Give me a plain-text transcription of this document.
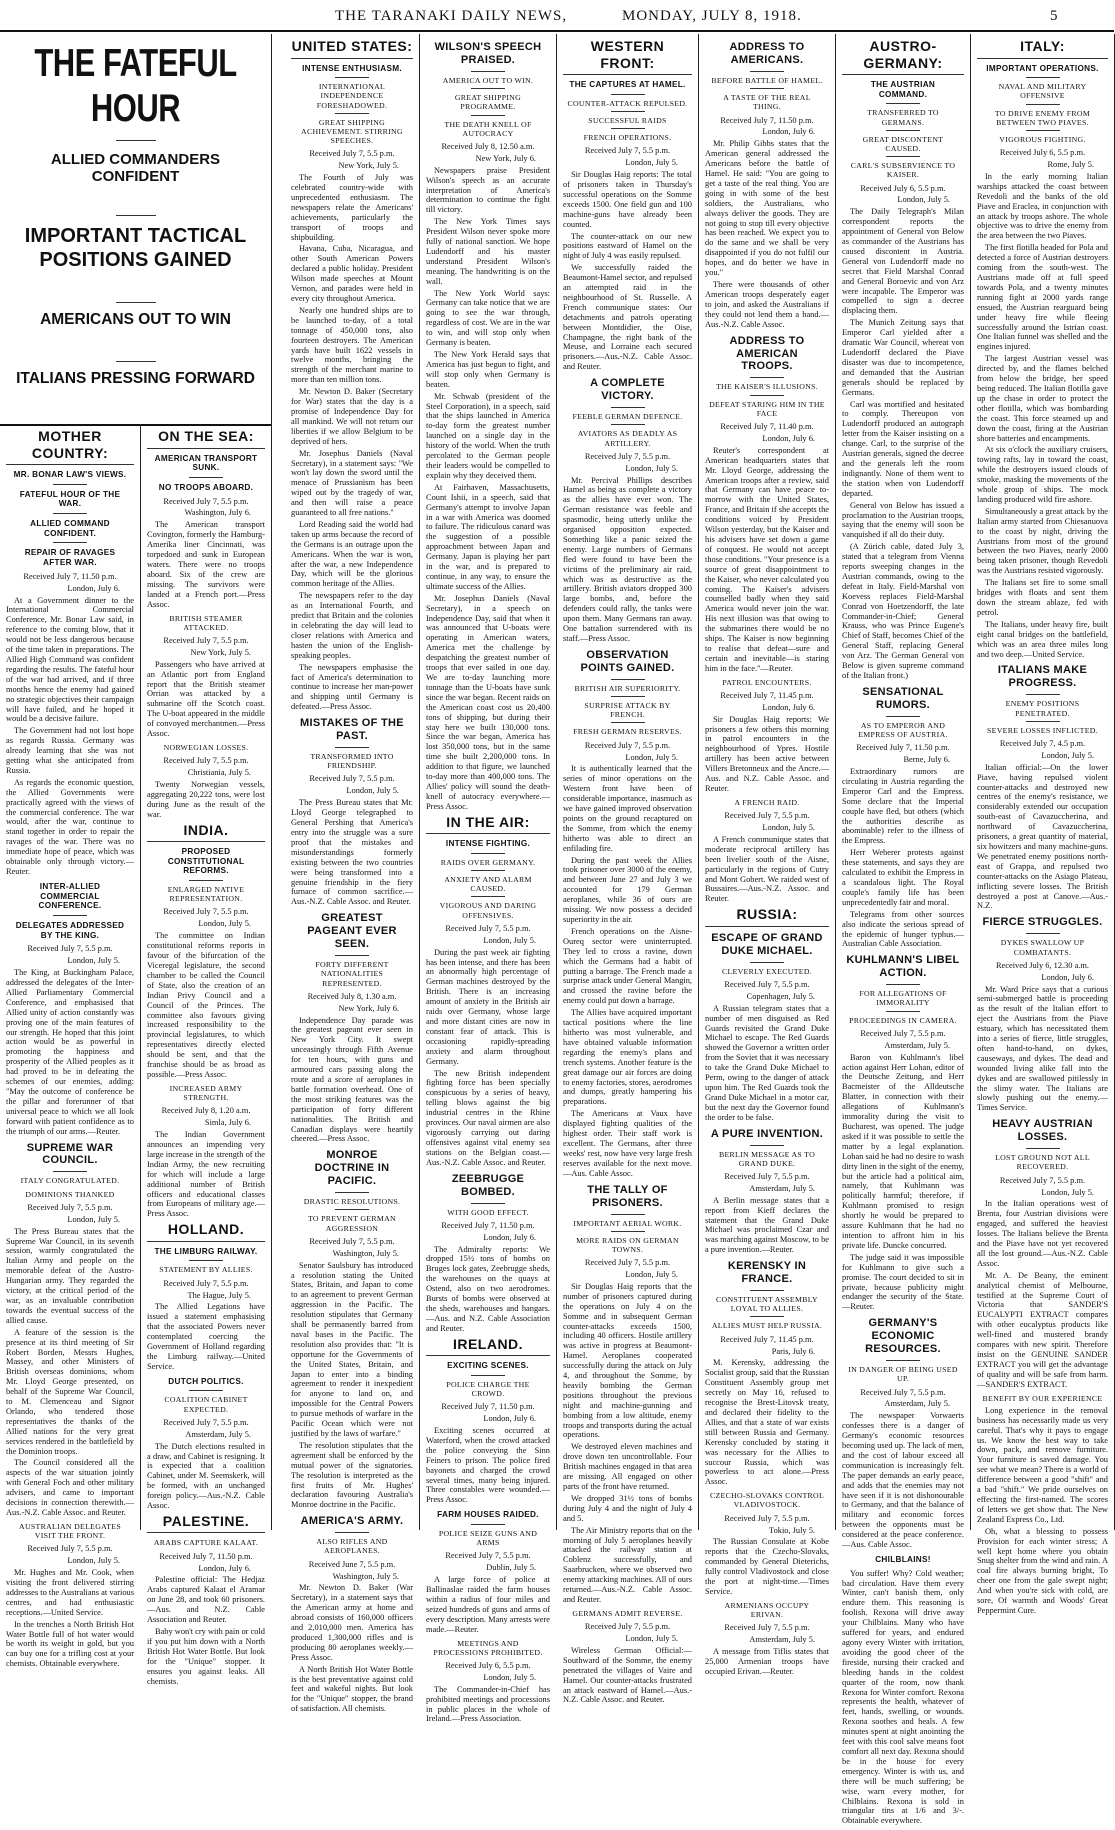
THE TARANAKI DAILY NEWS,	MONDAY, JULY 8, 1918.	5
THE FATEFUL HOUR
ALLIED COMMANDERS CONFIDENT
IMPORTANT TACTICAL POSITIONS GAINED
AMERICANS OUT TO WIN
ITALIANS PRESSING FORWARD
MOTHER COUNTRY:
MR. BONAR LAW'S VIEWS.
FATEFUL HOUR OF THE WAR.
ALLIED COMMAND CONFIDENT.
REPAIR OF RAVAGES AFTER WAR.

Received July 7, 11.50 p.m.

London, July 6.

At a Government dinner to the International Commercial Conference, Mr. Bonar Law said, in reference to the coming blow, that it would not be less dangerous because of the time taken in preparations. The Allied High Command was confident regarding the results. The fateful hour of the war had arrived, and if three months hence the enemy had gained no strategic objectives their campaign will have failed, and he hoped it would be a decisive failure.

The Government had not lost hope as regards Russia. Germany was already learning that she was not getting what she anticipated from Russia.

As regards the economic question, the Allied Governments were practically agreed with the views of the commercial conference. The war would, after the war, continue to stand together in order to repair the ravages of the war. There was no immediate hope of peace, which was obtainable only through victory.—Reuter.

INTER-ALLIED COMMERCIAL CONFERENCE.
DELEGATES ADDRESSED BY THE KING.

Received July 7, 5.5 p.m.

London, July 5.

The King, at Buckingham Palace, addressed the delegates of the Inter-Allied Parliamentary Commercial Conference, and emphasised that Allied unity of action constantly was proving one of the main features of our strength. He hoped that this joint action would be as powerful in promoting the happiness and prosperity of the Allied peoples as it had proved to be in defeating the schemes of our enemies, adding: "May the outcome of conference be the pillar and forerunner of that universal peace to which we all look forward with patient confidence as to the triumph of our arms.—Reuter.

SUPREME WAR COUNCIL.
ITALY CONGRATULATED.
DOMINIONS THANKED

Received July 7, 5.5 p.m.

London, July 5.

The Press Bureau states that the Supreme War Council, in its seventh session, warmly congratulated the Italian Army and people on the memorable defeat of the Austro-Hungarian army. They regarded the victory, at the critical period of the war, as an invaluable contribution towards the eventual success of the allied cause.

A feature of the session is the presence at its third meeting of Sir Robert Borden, Messrs Hughes, Massey, and other Ministers of British overseas dominions, whom Mr. Lloyd George presented, on behalf of the Supreme War Council, to M. Clemenceau and Signor Orlando, who tendered those representatives the thanks of the Allied nations for the very great services rendered in the battlefield by the Dominion troops.

The Council considered all the aspects of the war situation jointly with General Foch and other military advisers, and came to important decisions in connection therewith.—Aus.-N.Z. Cable Assoc. and Reuter.

AUSTRALIAN DELEGATES VISIT THE FRONT.

Received July 7, 5.5 p.m.

London, July 5.

Mr. Hughes and Mr. Cook, when visiting the front delivered stirring addresses to the Australians at various centres, and had enthusiastic receptions.—United Service.

In the trenches a North British Hot Water Bottle full of hot water would be worth its weight in gold, but you can buy one for a trifling cost at your chemists. Obtainable everywhere.

ON THE SEA:
AMERICAN TRANSPORT SUNK.
NO TROOPS ABOARD.

Received July 7, 5.5 p.m.

Washington, July 6.

The American transport Covington, formerly the Hamburg-Amerika liner Cincinnati, was torpedoed and sunk in European waters. There were no troops aboard. Six of the crew are missing. The survivors were landed at a French port.—Press Assoc.

BRITISH STEAMER ATTACKED.

Received July 7, 5.5 p.m.

New York, July 5.

Passengers who have arrived at an Atlantic port from England report that the British steamer Orrian was attacked by a submarine off the Scotch coast. The U-boat appeared in the middle of convoyed merchantmen.—Press Assoc.

NORWEGIAN LOSSES.

Received July 7, 5.5 p.m.

Christiania, July 5.

Twenty Norwegian vessels, aggregating 20,222 tons, were lost during June as the result of the war.

INDIA.
PROPOSED CONSTITUTIONAL REFORMS.
ENLARGED NATIVE REPRESENTATION.

Received July 7, 5.5 p.m.

London, July 5.

The committee on Indian constitutional reforms reports in favour of the bifurcation of the Viceregal legislature, the second chamber to be called the Council of State, also the creation of an Indian Privy Council and a Council of the Princes. The committee also favours giving increased responsibility to the provincial legislatures, to which representatives directly elected should be sent, and that the franchise should be as broad as possible.—Press Assoc.

INCREASED ARMY STRENGTH.

Received July 8, 1.20 a.m.

Simla, July 6.

The Indian Government announces an impending very large increase in the strength of the Indian Army, the new recruiting for which will include a large additional number of British officers and educational classes from Europeans of military age.—Press Assoc.

HOLLAND.
THE LIMBURG RAILWAY.
STATEMENT BY ALLIES.

Received July 7, 5.5 p.m.

The Hague, July 5.

The Allied Legations have issued a statement emphasising that the associated Powers never contemplated coercing the Government of Holland regarding the Limburg railway.—United Service.

DUTCH POLITICS.
COALITION CABINET EXPECTED.

Received July 7, 5.5 p.m.

Amsterdam, July 5.

The Dutch elections resulted in a draw, and Cabinet is resigning. It is expected that a coalition Cabinet, under M. Seemskerk, will be formed, with an unchanged foreign policy.—Aus.-N.Z. Cable Assoc.

PALESTINE.
ARABS CAPTURE KALAAT.

Received July 7, 11.50 p.m.

London, July 6.

Palestine official: The Hedjaz Arabs captured Kalaat el Aramar on June 28, and took 60 prisoners.—Aus. and N.Z. Cable Association and Reuter.

Baby won't cry with pain or cold if you put him down with a North British Hot Water Bottle. But look for the "Unique" stopper. It ensures you against leaks. All chemists.

UNITED STATES:
INTENSE ENTHUSIASM.
INTERNATIONAL INDEPENDENCE FORESHADOWED.
GREAT SHIPPING ACHIEVEMENT. STIRRING SPEECHES.

Received July 7, 5.5 p.m.

New York, July 5.

The Fourth of July was celebrated country-wide with unprecedented enthusiasm. The newspapers relate the Americans' achievements, particularly the transport of troops and shipbuilding.

Havana, Cuba, Nicaragua, and other South American Powers declared a public holiday. President Wilson made speeches at Mount Vernon, and parades were held in every city throughout America.

Nearly one hundred ships are to be launched to-day, of a total tonnage of 450,000 tons, also fourteen destroyers. The American yards have built 1622 vessels in twelve months, bringing the strength of the merchant marine to more than ten million tons.

Mr. Newton D. Baker (Secretary for War) states that the day is a promise of Independence Day for all mankind. We will not return our liberties if we allow Belgium to be deprived of hers.

Mr. Josephus Daniels (Naval Secretary), in a statement says: "We won't lay down the sword until the menace of Prussianism has been wiped out by the tragedy of war, and then will raise a peace guaranteed to all free nations."

Lord Reading said the world had taken up arms because the record of the Germans is an outrage upon the Americans. When the war is won, after the war, a new Independence Day, which will be the glorious common heritage of the Allies.

The newspapers refer to the day as an International Fourth, and predict that Britain and the colonies in celebrating the day will lead to closer relations with America and hasten the union of the English-speaking peoples.

The newspapers emphasise the fact of America's determination to continue to increase her man-power and shipping until Germany is defeated.—Press Assoc.

MISTAKES OF THE PAST.
TRANSFORMED INTO FRIENDSHIP.

Received July 7, 5.5 p.m.

London, July 5.

The Press Bureau states that Mr. Lloyd George telegraphed to General Pershing that America's entry into the struggle was a sure proof that the mistakes and misunderstandings formerly existing between the two countries were being transformed into a genuine friendship in the fiery furnace of common sacrifice.—Aus.-N.Z. Cable Assoc. and Reuter.

GREATEST PAGEANT EVER SEEN.
FORTY DIFFERENT NATIONALITIES REPRESENTED.

Received July 8, 1.30 a.m.

New York, July 6.

Independence Day parade was the greatest pageant ever seen in New York City. It swept unceasingly through Fifth Avenue for ten hours, with guns and armoured cars passing along the route and a score of aeroplanes in battle formation overhead. One of the most striking features was the participation of forty different nationalities. The British and Canadian displays were heartily cheered.—Press Assoc.

MONROE DOCTRINE IN PACIFIC.
DRASTIC RESOLUTIONS.
TO PREVENT GERMAN AGGRESSION

Received July 7, 5.5 p.m.

Washington, July 5.

Senator Saulsbury has introduced a resolution stating the United States, Britain, and Japan to come to an agreement to prevent German aggression in the Pacific. The resolution stipulates that Germany shall be permanently barred from naval bases in the Pacific. The resolution also provides that: "It is opportune for the Governments of the United States, Britain, and Japan to enter into a binding agreement to render it inexpedient for anyone to land on, and impossible for the Central Powers to pursue methods of warfare in the Pacific Ocean which were not justified by the laws of warfare."

The resolution stipulates that the agreement shall be enforced by the mutual power of the signatories. The resolution is interpreted as the first fruits of Mr. Hughes' declaration favouring Australia's Monroe doctrine in the Pacific.

AMERICA'S ARMY.
ALSO RIFLES AND AEROPLANES.

Received June 7, 5.5 p.m.

Washington, July 5.

Mr. Newton D. Baker (War Secretary), in a statement says that the American army at home and abroad consists of 160,000 officers and 2,010,000 men. America has produced 1,300,000 rifles and is producing 80 aeroplanes weekly.—Press Assoc.

A North British Hot Water Bottle is the best preventative against cold feet and wakeful nights. But look for the "Unique" stopper, the brand of satisfaction. All chemists.

WILSON'S SPEECH PRAISED.
AMERICA OUT TO WIN.
GREAT SHIPPING PROGRAMME.
THE DEATH KNELL OF AUTOCRACY

Received July 8, 12.50 a.m.

New York, July 6.

Newspapers praise President Wilson's speech as an accurate interpretation of America's determination to continue the fight till victory.

The New York Times says President Wilson never spoke more fully of national sanction. We hope Ludendorff and his master understand President Wilson's meaning. The handwriting is on the wall.

The New York World says: Germany can take notice that we are going to see the war through, regardless of cost. We are in the war to win, and will stop only when Germany is beaten.

The New York Herald says that America has just begun to fight, and will stop only when Germany is beaten.

Mr. Schwab (president of the Steel Corporation), in a speech, said that the ships launched in America to-day form the greatest number launched on a single day in the history of the world. When the truth percolated to the German people their leaders would be compelled to explain why they deceived them.

At Fairhaven, Massachusetts, Count Ishii, in a speech, said that Germany's attempt to involve Japan in a war with America was doomed to failure. The ridiculous canard was the suggestion of a possible approachment between Japan and Germany. Japan is playing her part in the war, and is prepared to continue, in any way, to ensure the ultimate success of the Allies.

Mr. Josephus Daniels (Naval Secretary), in a speech on Independence Day, said that when it was announced that U-boats were operating in American waters, America met the challenge by despatching the greatest number of troops that ever sailed in one day. We are to-day launching more tonnage than the U-boats have sunk since the war began. Recent raids on the American coast cost us 20,400 tons of shipping, but during their stay here we built 130,000 tons. Since the war began, America has lost 350,000 tons, but in the same time she built 2,200,000 tons. In addition to that figure, we launched to-day more than 400,000 tons. The Allies' policy will sound the death-knell of autocracy everywhere.—Press Assoc.

IN THE AIR:
INTENSE FIGHTING.
RAIDS OVER GERMANY.
ANXIETY AND ALARM CAUSED.
VIGOROUS AND DARING OFFENSIVES.

Received July 7, 5.5 p.m.

London, July 5.

During the past week air fighting has been intense, and there has been an abnormally high percentage of German machines destroyed by the British. There is an increasing amount of anxiety in the British air raids over Germany, whose large and more distant cities are now in constant fear of attack. This is occasioning rapidly-spreading anxiety and alarm throughout Germany.

The new British independent fighting force has been specially conspicuous by a series of heavy, telling blows against the big industrial centres in the Rhine provinces. Our naval airmen are also vigorously carrying out daring offensives against vital enemy sea stations on the Belgian coast.—Aus.-N.Z. Cable Assoc. and Reuter.

ZEEBRUGGE BOMBED.
WITH GOOD EFFECT.

Received July 7, 11.50 p.m.

London, July 6.

The Admiralty reports: We dropped 15½ tons of bombs on Bruges lock gates, Zeebrugge sheds, the warehouses on the quays at Ostend, also on two aerodromes. Bursts of bombs were observed at the sheds, warehouses and hangars.—Aus. and N.Z. Cable Association and Reuter.

IRELAND.
EXCITING SCENES.
POLICE CHARGE THE CROWD.

Received July 7, 11.50 p.m.

London, July 6.

Exciting scenes occurred at Waterford, when the crowd attacked the police conveying the Sinn Feiners to prison. The police fired bayonets and charged the crowd several times, many being injured. Three constables were wounded.—Press Assoc.

FARM HOUSES RAIDED.
POLICE SEIZE GUNS AND ARMS

Received July 7, 5.5 p.m.

Dublin, July 5.

A large force of police at Ballinaslae raided the farm houses within a radius of four miles and seized hundreds of guns and arms of every description. Many arrests were made.—Reuter.

MEETINGS AND PROCESSIONS PROHIBITED.

Received July 6, 5.5 p.m.

London, July 5.

The Commander-in-Chief has prohibited meetings and processions in public places in the whole of Ireland.—Press Association.

WESTERN FRONT:
THE CAPTURES AT HAMEL.
COUNTER-ATTACK REPULSED.
SUCCESSFUL RAIDS
FRENCH OPERATIONS.

Received July 7, 5.5 p.m.

London, July 5.

Sir Douglas Haig reports: The total of prisoners taken in Thursday's successful operations on the Somme exceeds 1500. One field gun and 100 machine-guns have already been counted.

The counter-attack on our new positions eastward of Hamel on the night of July 4 was easily repulsed.

We successfully raided the Beaumont-Hamel sector, and repulsed an attempted raid in the neighbourhood of St. Russelle. A French communique states: Our detachments and patrols operating between Montdidier, the Oise, Champagne, the right bank of the Meuse, and Lorraine each secured prisoners.—Aus.-N.Z. Cable Assoc. and Reuter.

A COMPLETE VICTORY.
FEEBLE GERMAN DEFENCE.
AVIATORS AS DEADLY AS ARTILLERY.

Received July 7, 5.5 p.m.

London, July 5.

Mr. Percival Phillips describes Hamel as being as complete a victory as the allies have ever won. The German resistance was feeble and spasmodic, being utterly unlike the organised opposition expected. Something like a panic seized the enemy. Large numbers of Germans fled were found to have been the victims of the preliminary air raid, which was as destructive as the artillery. British aviators dropped 300 large bombs, and, before the defenders could rally, the tanks were upon them. Many Germans ran away. One battalion surrendered with its staff.—Press Assoc.

OBSERVATION POINTS GAINED.
BRITISH AIR SUPERIORITY.
SURPRISE ATTACK BY FRENCH.
FRESH GERMAN RESERVES.

Received July 7, 5.5 p.m.

London, July 5.

It is authentically learned that the series of minor operations on the Western front have been of considerable importance, inasmuch as we have gained improved observation points on the ground recaptured on the Somme, from which the enemy hitherto was able to direct an enfilading fire.

During the past week the Allies took prisoner over 3000 of the enemy, and between June 27 and July 3 we accounted for 179 German aeroplanes, while 36 of ours are missing. We now possess a decided superiority in the air.

French operations on the Aisne-Oureq sector were uninterrupted. They led to cross a ravine, down which the Germans had a habit of putting a barrage. The French made a surprise attack under General Mangin, and crossed the ravine before the enemy could put down a barrage.

The Allies have acquired important tactical positions where the line hitherto was most vulnerable, and have obtained valuable information regarding the enemy's plans and trench systems. Another feature is the great damage our air forces are doing to enemy factories, stores, aerodromes and dumps, greatly hampering his preparations.

The Americans at Vaux have displayed fighting qualities of the highest order. Their staff work is excellent. The Germans, after three weeks' rest, now have very large fresh reserves available for the next move.—Aus. Cable Assoc.

THE TALLY OF PRISONERS.
IMPORTANT AERIAL WORK.
MORE RAIDS ON GERMAN TOWNS.

Received July 7, 5.5 p.m.

London, July 5.

Sir Douglas Haig reports that the number of prisoners captured during the operations on July 4 on the Somme and in subsequent German counter-attacks exceeds 1500, including 40 officers. Hostile artillery was active in progress at Beaumont-Hamel. Aeroplanes cooperated successfully during the attack on July 4, and throughout the Somme, by heavily bombing the German positions throughout the previous night and machine-gunning and bombing from a low altitude, enemy troops and transports during the actual operations.

We destroyed eleven machines and drove down ten uncontrollable. Four British machines engaged in that area are missing. All engaged on other parts of the front have returned.

We dropped 31½ tons of bombs during July 4 and the night of July 4 and 5.

The Air Ministry reports that on the morning of July 5 aeroplanes heavily attacked the railway station at Coblenz successfully, and Saarbrucken, where we observed two enemy attacking machines. All of ours returned.—Aus.-N.Z. Cable Assoc. and Reuter.

GERMANS ADMIT REVERSE.

Received July 7, 5.5 p.m.

London, July 5.

Wireless German Official:—Southward of the Somme, the enemy penetrated the villages of Vaire and Hamel. Our counter-attacks frustrated an attack eastward of Hamel.—Aus.-N.Z. Cable Assoc. and Reuter.

ADDRESS TO AMERICANS.
BEFORE BATTLE OF HAMEL.
A TASTE OF THE REAL THING.

Received July 7, 11.50 p.m.

London, July 6.

Mr. Philip Gibbs states that the American general addressed the Americans before the battle of Hamel. He said: "You are going to get a taste of the real thing. You are going in with some of the best soldiers, the Australians, who always deliver the goods. They are not going to stop till every objective has been reached. We expect you to do the same and we shall be very disappointed if you do not fulfil our hopes, and do better we have in you."

There were thousands of other American troops desperately eager to join, and asked the Australians if they could not lend them a hand.—Aus.-N.Z. Cable Assoc.

ADDRESS TO AMERICAN TROOPS.
THE KAISER'S ILLUSIONS.
DEFEAT STARING HIM IN THE FACE

Received July 7, 11.40 p.m.

London, July 6.

Reuter's correspondent at American headquarters states that Mr. Lloyd George, addressing the American troops after a review, said that Germany can have peace to-morrow with the United States, France, and Britain if she accepts the conditions voiced by President Wilson yesterday, but the Kaiser and his advisers have set down a game of conquest. He would not accept those conditions. "Your presence is a source of great disappointment to the Kaiser, who never calculated you coming. The Kaiser's advisers counselled badly when they said America would never join the war. His next illusion was that owing to the submarines there would be no ships. The Kaiser is now beginning to realise that defeat—sure and certain and inevitable—is staring him in the face."—Reuter.

PATROL ENCOUNTERS.

Received July 7, 11.45 p.m.

London, July 6.

Sir Douglas Haig reports: We prisoners a few others this morning in patrol encounters in the neighbourhood of Ypres. Hostile artillery has been active between Villers Bretonneux and the Ancre.—Aus. and N.Z. Cable Assoc. and Reuter.

A FRENCH RAID.

Received July 7, 5.5 p.m.

London, July 5.

A French communique states that moderate reciprocal artillery has been livelier south of the Aisne, particularly in the regions of Cutry and Mont Gobert. We raided west of Bussaires.—Aus.-N.Z. Assoc. and Reuter.

RUSSIA:
ESCAPE OF GRAND DUKE MICHAEL.
CLEVERLY EXECUTED.

Received July 7, 5.5 p.m.

Copenhagen, July 5.

A Russian telegram states that a number of men disguised as Red Guards revisited the Grand Duke Michael to escape. The Red Guards showed the Governor a written order from the Soviet that it was necessary to take the Grand Duke Michael to Perm, owing to the danger of attack upon him. The Red Guards took the Grand Duke Michael in a motor car, but the next day the Governor found the order to be false.

A PURE INVENTION.
BERLIN MESSAGE AS TO GRAND DUKE.

Received July 7, 5.5 p.m.

Amsterdam, July 5.

A Berlin message states that a report from Kieff declares the statement that the Grand Duke Michael was proclaimed Czar and was marching against Moscow, to be a pure invention.—Reuter.

KERENSKY IN FRANCE.
CONSTITUENT ASSEMBLY LOYAL TO ALLIES.
ALLIES MUST HELP RUSSIA.

Received July 7, 11.45 p.m.

Paris, July 6.

M. Kerensky, addressing the Socialist group, said that the Russian Constituent Assembly group met secretly on May 16, refused to recognise the Brest-Litovsk treaty, and declared their fidelity to the Allies, and that a state of war exists still between Russia and Germany. Kerensky concluded by stating it was necessary for the Allies to succour Russia, which was powerless to act alone.—Press Assoc.

CZECHO-SLOVAKS CONTROL VLADIVOSTOCK.

Received July 7, 5.5 p.m.

Tokio, July 5.

The Russian Consulate at Kobe reports that the Czecho-Slovaks, commanded by General Dieterichs, fully control Vladivostock and close the port at night-time.—Times Service.

ARMENIANS OCCUPY ERIVAN.

Received July 7, 5.5 p.m.

Amsterdam, July 5.

A message from Tiflis states that 25,000 Armenian troops have occupied Erivan.—Reuter.

AUSTRO-GERMANY:
THE AUSTRIAN COMMAND.
TRANSFERRED TO GERMANS.
GREAT DISCONTENT CAUSED.
CARL'S SUBSERVIENCE TO KAISER.

Received July 6, 5.5 p.m.

London, July 5.

The Daily Telegraph's Milan correspondent reports the appointment of General von Below as commander of the Austrians has caused discontent in Austria. General von Ludendorff made no secret that Field Marshal Conrad and General Boroevic and von Arz were incapable. The Emperor was compelled to sign a decree displacing them.

The Munich Zeitung says that Emperor Carl yielded after a dramatic War Council, whereat von Ludendorff declared the Piave disaster was due to incompetence, and demanded that the Austrian generals should be replaced by Germans.

Carl was mortified and hesitated to comply. Thereupon von Ludendorff produced an autograph letter from the Kaiser insisting on a change. Carl, to the surprise of the Austrian generals, signed the decree and the generals left the room indignantly. None of them went to the station when von Ludendorff departed.

General von Below has issued a proclamation to the Austrian troops, saying that the enemy will soon be vanquished if all do their duty.

(A Zürich cable, dated July 3, stated that a telegram from Vienna reports sweeping changes in the Austrian commands, owing to the defeat in Italy. Field-Marshal von Koevess replaces Field-Marshal Conrad von Hoetzendorff, the late Commander-in-Chief; General Krauss, who was Prince Eugene's Chief of Staff, becomes Chief of the General Staff, replacing General von Arz. The German General von Below is given supreme command of the Italian front.)

SENSATIONAL RUMORS.
AS TO EMPEROR AND EMPRESS OF AUSTRIA.

Received July 7, 11.50 p.m.

Berne, July 6.

Extraordinary rumors are circulating in Austria regarding the Emperor Carl and the Empress. Some declare that the Imperial couple have fled, but others (which the authorities describe as abominable) refer to the illness of the Empress.

Herr Weberer protests against these statements, and says they are calculated to exhibit the Empress in a scandalous light. The Royal couple's family life has been unprecedentedly fair and moral.

Telegrams from other sources also indicate the serious spread of the epidemic of hunger typhus.—Australian Cable Association.

KUHLMANN'S LIBEL ACTION.
FOR ALLEGATIONS OF IMMORALITY
PROCEEDINGS IN CAMERA.

Received July 7, 5.5 p.m.

Amsterdam, July 5.

Baron von Kuhlmann's libel action against Herr Lohan, editor of the Deutsche Zeitung, and Herr Bacmeister of the Alldeutsche Blatter, in connection with their allegations of Kuhlmann's immorality during the visit to Bucharest, was opened. The judge asked if it was possible to settle the matter by a legal explanation. Lohan said he had no desire to wash dirty linen in the sight of the enemy, but the article had a political aim, namely, that Kuhlmann was politically harmful; therefore, if Kuhlmann promised to resign shortly he would be prepared to assure Kuhlmann that he had no intention to affront him in his private life. Duncke concurred.

The judge said it was impossible for Kuhlmann to give such a promise. The court decided to sit in private, because publicity might endanger the security of the State.—Reuter.

GERMANY'S ECONOMIC RESOURCES.
IN DANGER OF BEING USED UP.

Received July 7, 5.5 p.m.

Amsterdam, July 5.

The newspaper Vorwaerts confesses there is a danger of Germany's economic resources becoming used up. The lack of men, and the cost of labour exceed all communication is increasingly felt. The paper demands an early peace, and adds that the enemies may not have seen if it is not dishonourable to Germany, and that the balance of military and economic forces between the opponents must be considered at the peace conference.—Aus. Cable Assoc.

CHILBLAINS!

You suffer! Why? Cold weather; bad circulation. Have them every Winter, can't banish them, only endure them. This reasoning is foolish. Rexona will drive away your Chilblains. Many who have suffered for years, and endured agony every Winter with irritation, avoiding the good cheer of the fireside, nursing their cracked and bleeding hands in the coldest quarter of the room, now thank Rexona for Winter comfort. Rexona represents the health, whatever of feet, hands, swelling, or wounds. Rexona soothes and heals. A few minutes spent at night anointing the feet with this cool salve means foot comfort all next day. Rexona should be in the house for every emergency. Winter is with us, and there will be much suffering; be wise, warn every mother, for Chilblains. Rexona is sold in triangular tins at 1/6 and 3/-. Obtainable everywhere.

ITALY:
IMPORTANT OPERATIONS.
NAVAL AND MILITARY OFFENSIVE
TO DRIVE ENEMY FROM BETWEEN TWO PIAVES.
VIGOROUS FIGHTING.

Received July 6, 5.5 p.m.

Rome, July 5.

In the early morning Italian warships attacked the coast between Revedoli and the banks of the old Piave and Eraclea, in conjunction with an attack by troops ashore. The whole objective was to drive the enemy from the area between the two Piaves.

The first flotilla headed for Pola and detected a force of Austrian destroyers coming from the south-west. The Austrians made off at full speed towards Pola, and a twenty minutes running fight at 2000 yards range ensued, the Austrian rearguard being under heavy fire while fleeing successfully around the Istrian coast. One Italian funnel was shelled and the engines injured.

The largest Austrian vessel was directed by, and the flames belched from below the bridge, her speed being reduced. The Italian flotilla gave up the chase in order to protect the other flotilla, which was bombarding the coast. This force steamed up and down the coast, firing at the Austrian shore batteries and encampments.

At six o'clock the auxiliary cruisers, towing rafts, lay in toward the coast, while the destroyers issued clouds of smoke, masking the movements of the whole group of ships. The mock landing produced wild fire ashore.

Simultaneously a great attack by the Italian army started from Chiesanuova to the coast by night, driving the Austrians from most of the ground between the two Piaves, nearly 2000 being taken prisoner, though Revedoli was the Austrians resisted vigorously.

The Italians set fire to some small bridges with floats and sent them down the stream ablaze, fed with petrol.

The Italians, under heavy fire, built eight canal bridges on the battlefield, which was an area three miles long and two deep.—United Service.

ITALIANS MAKE PROGRESS.
ENEMY POSITIONS PENETRATED.
SEVERE LOSSES INFLICTED.

Received July 7, 4.5 p.m.

London, July 5.

Italian official:—On the lower Piave, having repulsed violent counter-attacks and destroyed new centres of the enemy's resistance, we considerably extended our occupation south-east of Cavazuccherina, and northward of Cavazuccherina, prisoners, a great quantity of material, six howitzers and many machine-guns. We penetrated enemy positions north-east of Grappa, and repulsed two counter-attacks on the Asiago Plateau, inflicting severe losses. The British destroyed a post at Canove.—Aus.-N.Z.

FIERCE STRUGGLES.
DYKES SWALLOW UP COMBATANTS.

Received July 6, 12.30 a.m.

London, July 6.

Mr. Ward Price says that a curious semi-submerged battle is proceeding as the result of the Italian effort to eject the Austrians from the Piave estuary, which has necessitated them into a series of fierce, little struggles, often hand-to-hand, on dykes, causeways, and dykes. The dead and wounded living alike fall into the dykes and are swallowed pitilessly in the slimy water. The Italians are slowly pushing out the enemy.—Times Service.

HEAVY AUSTRIAN LOSSES.
LOST GROUND NOT ALL RECOVERED.

Received July 7, 5.5 p.m.

London, July 5.

In the Italian operations west of Brenta, four Austrian divisions were engaged, and suffered the heaviest losses. The Italians believe the Brenta and the Piave have not yet recovered all the lost ground.—Aus.-N.Z. Cable Assoc.

Mr. A. De Beany, the eminent analytical chemist of Melbourne, testified at the Supreme Court of Victoria that SANDER'S EUCALYPTI EXTRACT compares with other eucalyptus products like well-fined and mustered brandy compares with new spirit. Therefore insist on the GENUINE SANDER EXTRACT you will get the advantage of quality and will be safe from harm.—SANDER'S EXTRACT.

BENEFIT BY OUR EXPERIENCE

Long experience in the removal business has necessarily made us very careful. That's why it pays to engage us. We know the best way to take down, pack, and remove furniture. Your furniture is saved damage. You see what we mean? There is a world of difference between a good "shift" and a bad "shift." We pride ourselves on effecting the first-named. The scores of letters we get show that. The New Zealand Express Co., Ltd.

Oh, what a blessing to possess Provision for each winter stress; A well kept home where you obtain Snug shelter from the wind and rain. A coal fire always burning bright, To cheer one from the gale swept night; And when you're sick with cold, are sore, Of warmth and Woods' Great Peppermint Cure.
